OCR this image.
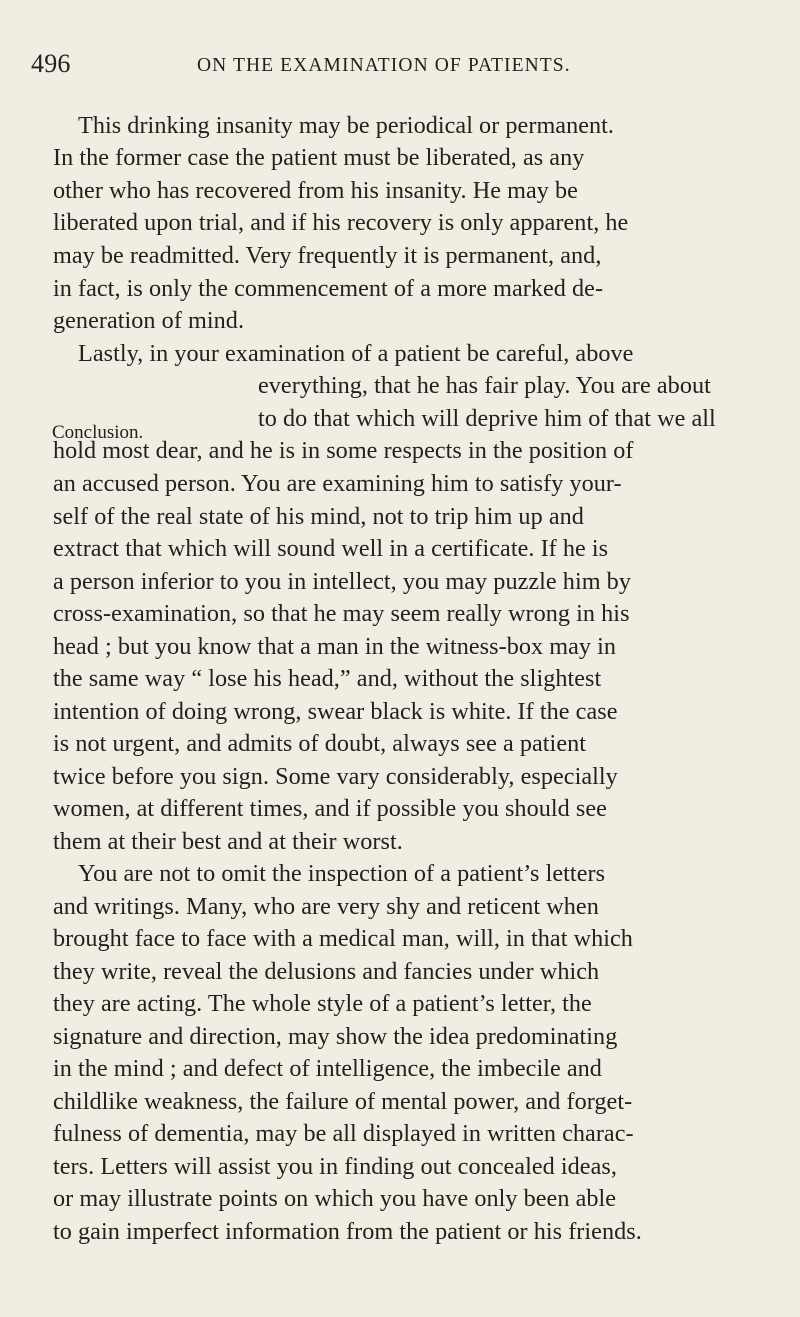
496	ON THE EXAMINATION OF PATIENTS.
Conclusion.
This drinking insanity may be periodical or permanent.
In the former case the patient must be liberated, as any
other who has recovered from his insanity. He may be
liberated upon trial, and if his recovery is only apparent, he
may be readmitted. Very frequently it is permanent, and,
in fact, is only the commencement of a more marked de-
generation of mind.
Lastly, in your examination of a patient be careful, above
everything, that he has fair play. You are about
to do that which will deprive him of that we all
hold most dear, and he is in some respects in the position of
an accused person. You are examining him to satisfy your-
self of the real state of his mind, not to trip him up and
extract that which will sound well in a certificate. If he is
a person inferior to you in intellect, you may puzzle him by
cross-examination, so that he may seem really wrong in his
head ; but you know that a man in the witness-box may in
the same way “ lose his head,” and, without the slightest
intention of doing wrong, swear black is white. If the case
is not urgent, and admits of doubt, always see a patient
twice before you sign. Some vary considerably, especially
women, at different times, and if possible you should see
them at their best and at their worst.
You are not to omit the inspection of a patient’s letters
and writings. Many, who are very shy and reticent when
brought face to face with a medical man, will, in that which
they write, reveal the delusions and fancies under which
they are acting. The whole style of a patient’s letter, the
signature and direction, may show the idea predominating
in the mind ; and defect of intelligence, the imbecile and
childlike weakness, the failure of mental power, and forget-
fulness of dementia, may be all displayed in written charac-
ters. Letters will assist you in finding out concealed ideas,
or may illustrate points on which you have only been able
to gain imperfect information from the patient or his friends.
